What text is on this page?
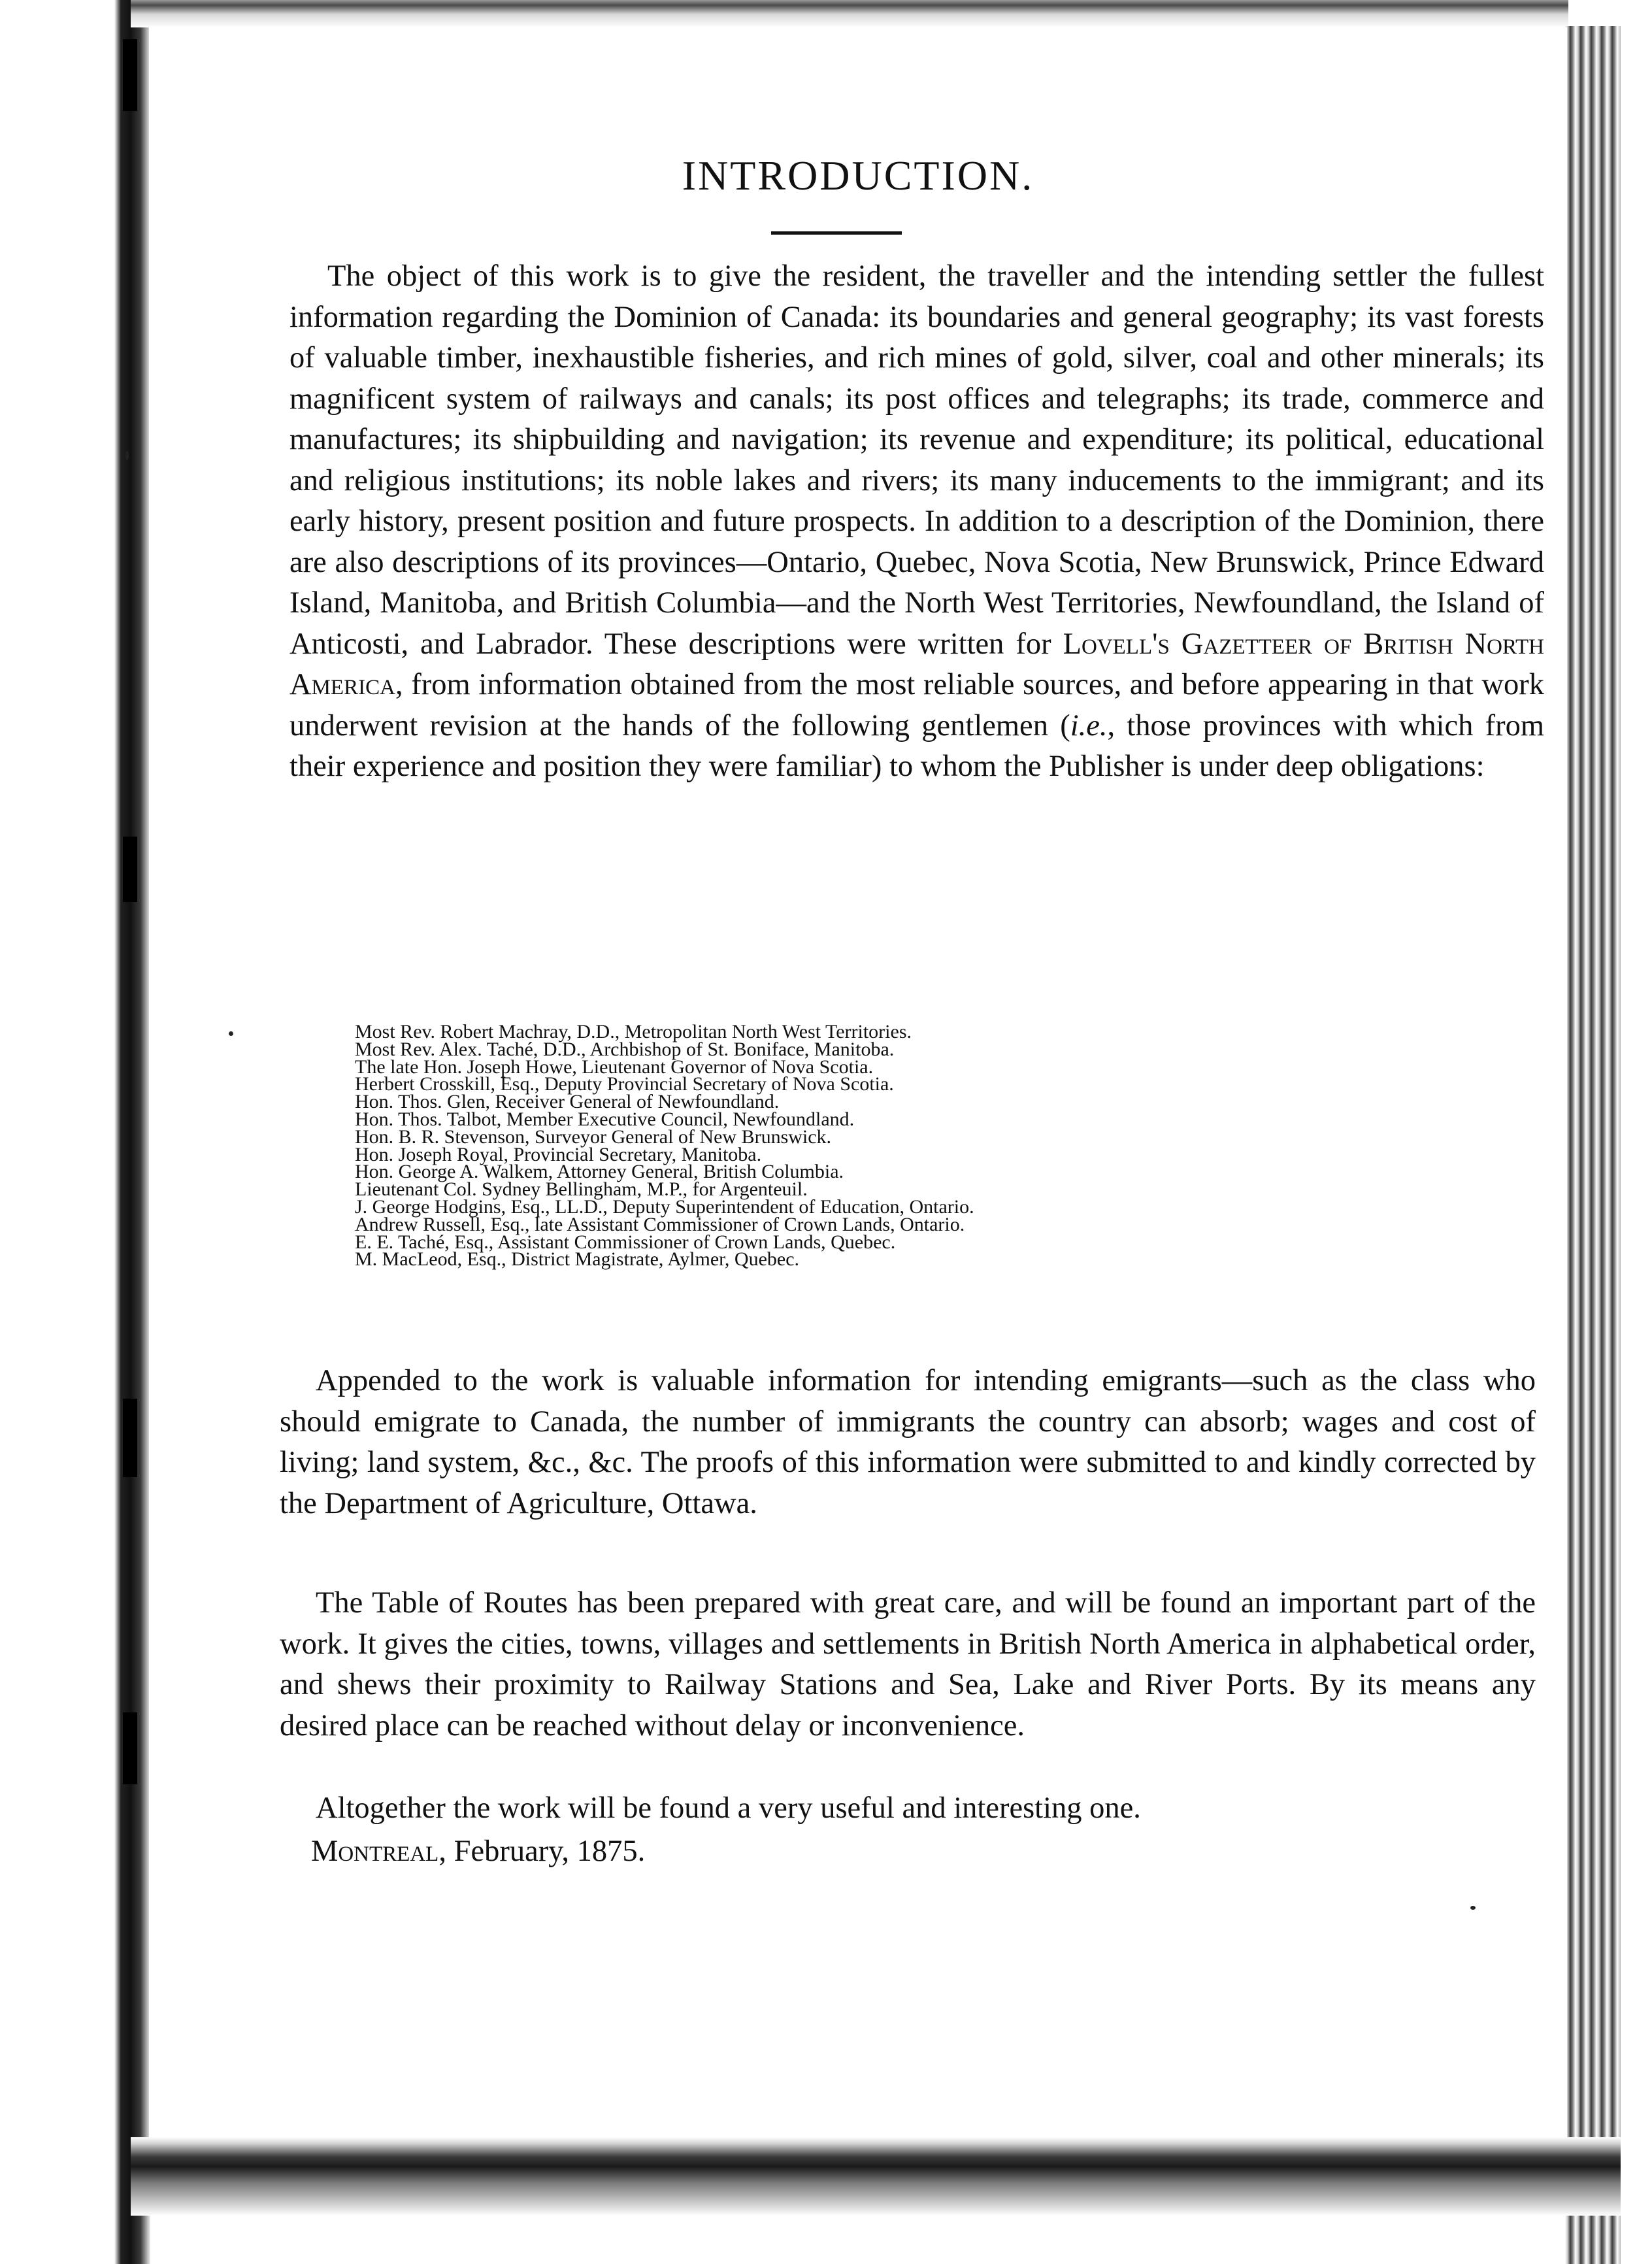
INTRODUCTION.

The object of this work is to give the resident, the traveller and the intending settler the fullest information regarding the Dominion of Canada: its boundaries and general geography; its vast forests of valuable timber, inexhaustible fisheries, and rich mines of gold, silver, coal and other minerals; its magnificent system of railways and canals; its post offices and telegraphs; its trade, commerce and manufactures; its shipbuilding and navigation; its revenue and expenditure; its political, educational and religious institutions; its noble lakes and rivers; its many inducements to the immigrant; and its early history, present position and future prospects. In addition to a description of the Dominion, there are also descriptions of its provinces—Ontario, Quebec, Nova Scotia, New Brunswick, Prince Edward Island, Manitoba, and British Columbia—and the North West Territories, Newfoundland, the Island of Anticosti, and Labrador. These descriptions were written for Lovell's Gazetteer of British North America, from information obtained from the most reliable sources, and before appearing in that work underwent revision at the hands of the following gentlemen (i.e., those provinces with which from their experience and position they were familiar) to whom the Publisher is under deep obligations:

Most Rev. Robert Machray, D.D., Metropolitan North West Territories.
Most Rev. Alex. Taché, D.D., Archbishop of St. Boniface, Manitoba.
The late Hon. Joseph Howe, Lieutenant Governor of Nova Scotia.
Herbert Crosskill, Esq., Deputy Provincial Secretary of Nova Scotia.
Hon. Thos. Glen, Receiver General of Newfoundland.
Hon. Thos. Talbot, Member Executive Council, Newfoundland.
Hon. B. R. Stevenson, Surveyor General of New Brunswick.
Hon. Joseph Royal, Provincial Secretary, Manitoba.
Hon. George A. Walkem, Attorney General, British Columbia.
Lieutenant Col. Sydney Bellingham, M.P., for Argenteuil.
J. George Hodgins, Esq., LL.D., Deputy Superintendent of Education, Ontario.
Andrew Russell, Esq., late Assistant Commissioner of Crown Lands, Ontario.
E. E. Taché, Esq., Assistant Commissioner of Crown Lands, Quebec.
M. MacLeod, Esq., District Magistrate, Aylmer, Quebec.

Appended to the work is valuable information for intending emigrants—such as the class who should emigrate to Canada, the number of immigrants the country can absorb; wages and cost of living; land system, &c., &c. The proofs of this information were submitted to and kindly corrected by the Department of Agriculture, Ottawa.

The Table of Routes has been prepared with great care, and will be found an important part of the work. It gives the cities, towns, villages and settlements in British North America in alphabetical order, and shews their proximity to Railway Stations and Sea, Lake and River Ports. By its means any desired place can be reached without delay or inconvenience.

Altogether the work will be found a very useful and interesting one.
Montreal, February, 1875.
